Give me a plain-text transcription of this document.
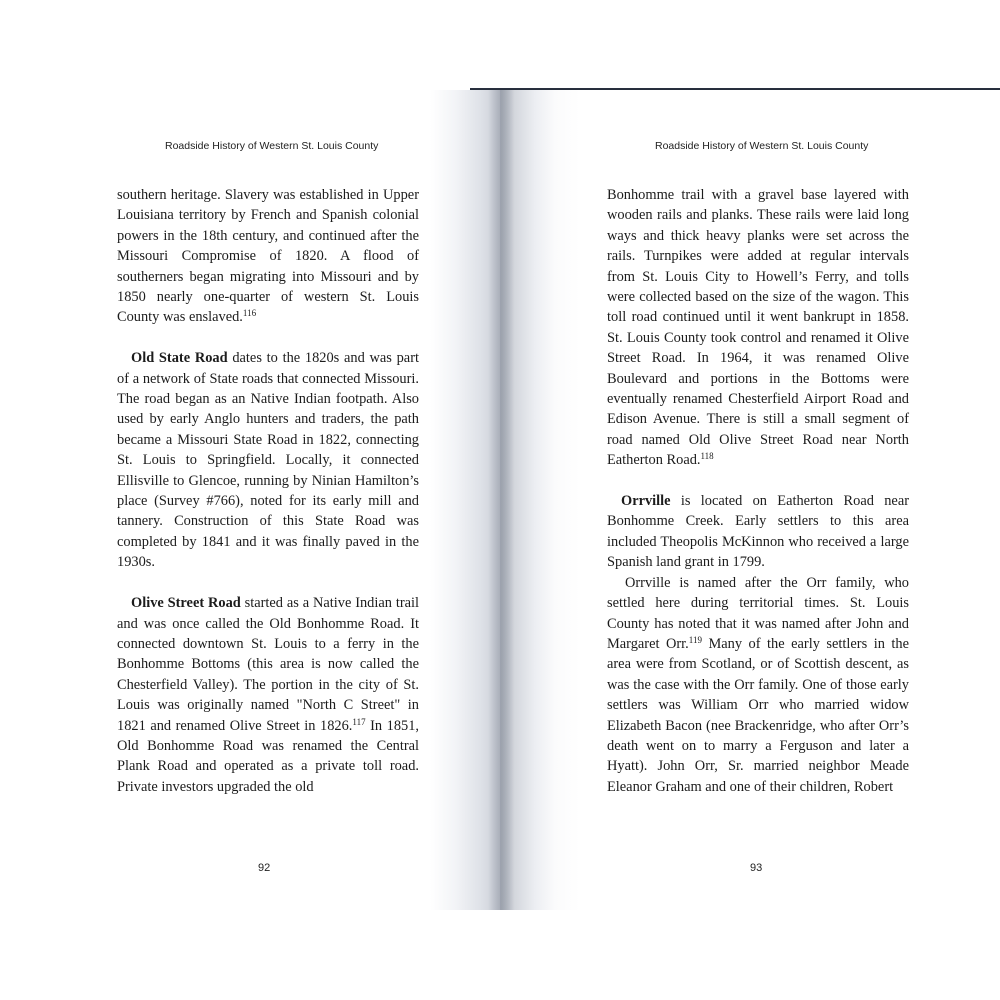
Roadside History of Western St. Louis County

southern heritage. Slavery was established in Upper Louisiana territory by French and Spanish colonial powers in the 18th century, and continued after the Missouri Compromise of 1820. A flood of southerners began migrating into Missouri and by 1850 nearly one-quarter of western St. Louis County was enslaved.$^{116}$

Old State Road dates to the 1820s and was part of a network of State roads that connected Missouri. The road began as an Native Indian footpath. Also used by early Anglo hunters and traders, the path became a Missouri State Road in 1822, connecting St. Louis to Springfield. Locally, it connected Ellisville to Glencoe, running by Ninian Hamilton’s place (Survey #766), noted for its early mill and tannery. Construction of this State Road was completed by 1841 and it was finally paved in the 1930s.

Olive Street Road started as a Native Indian trail and was once called the Old Bonhomme Road. It connected downtown St. Louis to a ferry in the Bonhomme Bottoms (this area is now called the Chesterfield Valley). The portion in the city of St. Louis was originally named "North C Street" in 1821 and renamed Olive Street in 1826.$^{117}$ In 1851, Old Bonhomme Road was renamed the Central Plank Road and operated as a private toll road. Private investors upgraded the old

92
Roadside History of Western St. Louis County

Bonhomme trail with a gravel base layered with wooden rails and planks. These rails were laid long ways and thick heavy planks were set across the rails. Turnpikes were added at regular intervals from St. Louis City to Howell’s Ferry, and tolls were collected based on the size of the wagon. This toll road continued until it went bankrupt in 1858. St. Louis County took control and renamed it Olive Street Road. In 1964, it was renamed Olive Boulevard and portions in the Bottoms were eventually renamed Chesterfield Airport Road and Edison Avenue. There is still a small segment of road named Old Olive Street Road near North Eatherton Road.$^{118}$

Orrville is located on Eatherton Road near Bonhomme Creek. Early settlers to this area included Theopolis McKinnon who received a large Spanish land grant in 1799.

Orrville is named after the Orr family, who settled here during territorial times. St. Louis County has noted that it was named after John and Margaret Orr.$^{119}$ Many of the early settlers in the area were from Scotland, or of Scottish descent, as was the case with the Orr family. One of those early settlers was William Orr who married widow Elizabeth Bacon (nee Brackenridge, who after Orr’s death went on to marry a Ferguson and later a Hyatt). John Orr, Sr. married neighbor Meade Eleanor Graham and one of their children, Robert

93
